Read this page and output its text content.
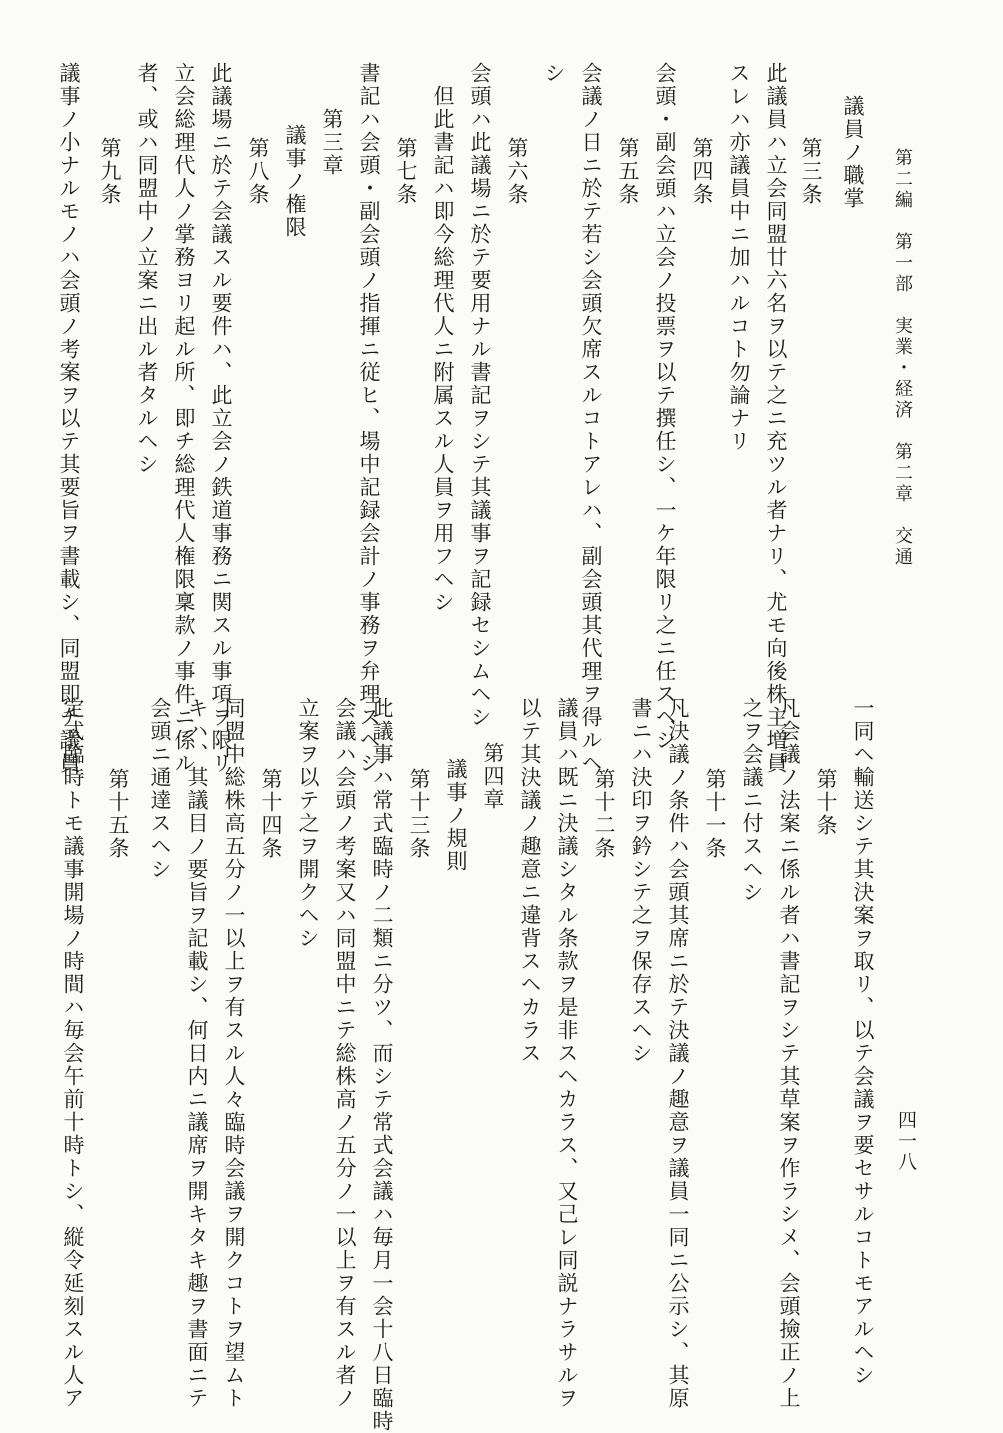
第二編　第一部　実業・経済　第二章　交通
四一八
議員ノ職掌
第三条
此議員ハ立会同盟廿六名ヲ以テ之ニ充ツル者ナリ、尤モ向後株主増員
スレハ亦議員中ニ加ハルコト勿論ナリ
第四条
会頭・副会頭ハ立会ノ投票ヲ以テ撰任シ、一ケ年限リ之ニ任スヘシ
第五条
会議ノ日ニ於テ若シ会頭欠席スルコトアレハ、副会頭其代理ヲ得ルヘ
シ
第六条
会頭ハ此議場ニ於テ要用ナル書記ヲシテ其議事ヲ記録セシムヘシ
但此書記ハ即今総理代人ニ附属スル人員ヲ用フヘシ
第七条
書記ハ会頭・副会頭ノ指揮ニ従ヒ、場中記録会計ノ事務ヲ弁理スヘシ
第三章
議事ノ権限
第八条
此議場ニ於テ会議スル要件ハ、此立会ノ鉄道事務ニ関スル事項ヲ限リ
立会総理代人ノ掌務ヨリ起ル所、即チ総理代人権限稟款ノ事件ニ係ル
者、或ハ同盟中ノ立案ニ出ル者タルヘシ
第九条
議事ノ小ナルモノハ会頭ノ考案ヲ以テ其要旨ヲ書載シ、同盟即チ議員
一同ヘ輸送シテ其決案ヲ取リ、以テ会議ヲ要セサルコトモアルヘシ
第十条
凡会議ノ法案ニ係ル者ハ書記ヲシテ其草案ヲ作ラシメ、会頭撿正ノ上
之ヲ会議ニ付スヘシ
第十一条
凡決議ノ条件ハ会頭其席ニ於テ決議ノ趣意ヲ議員一同ニ公示シ、其原
書ニハ決印ヲ鈐シテ之ヲ保存スヘシ
第十二条
議員ハ既ニ決議シタル条款ヲ是非スヘカラス、又己レ同説ナラサルヲ
以テ其決議ノ趣意ニ違背スヘカラス
第四章
議事ノ規則
第十三条
此議事ハ常式臨時ノ二類ニ分ツ、而シテ常式会議ハ毎月一会十八日臨時
会議ハ会頭ノ考案又ハ同盟中ニテ総株高ノ五分ノ一以上ヲ有スル者ノ
立案ヲ以テ之ヲ開クヘシ
第十四条
同盟中総株高五分ノ一以上ヲ有スル人々臨時会議ヲ開クコトヲ望ムト
キハ、其議目ノ要旨ヲ記載シ、何日内ニ議席ヲ開キタキ趣ヲ書面ニテ
会頭ニ通達スヘシ
第十五条
定式臨時トモ議事開場ノ時間ハ毎会午前十時トシ、縦令延刻スル人ア
